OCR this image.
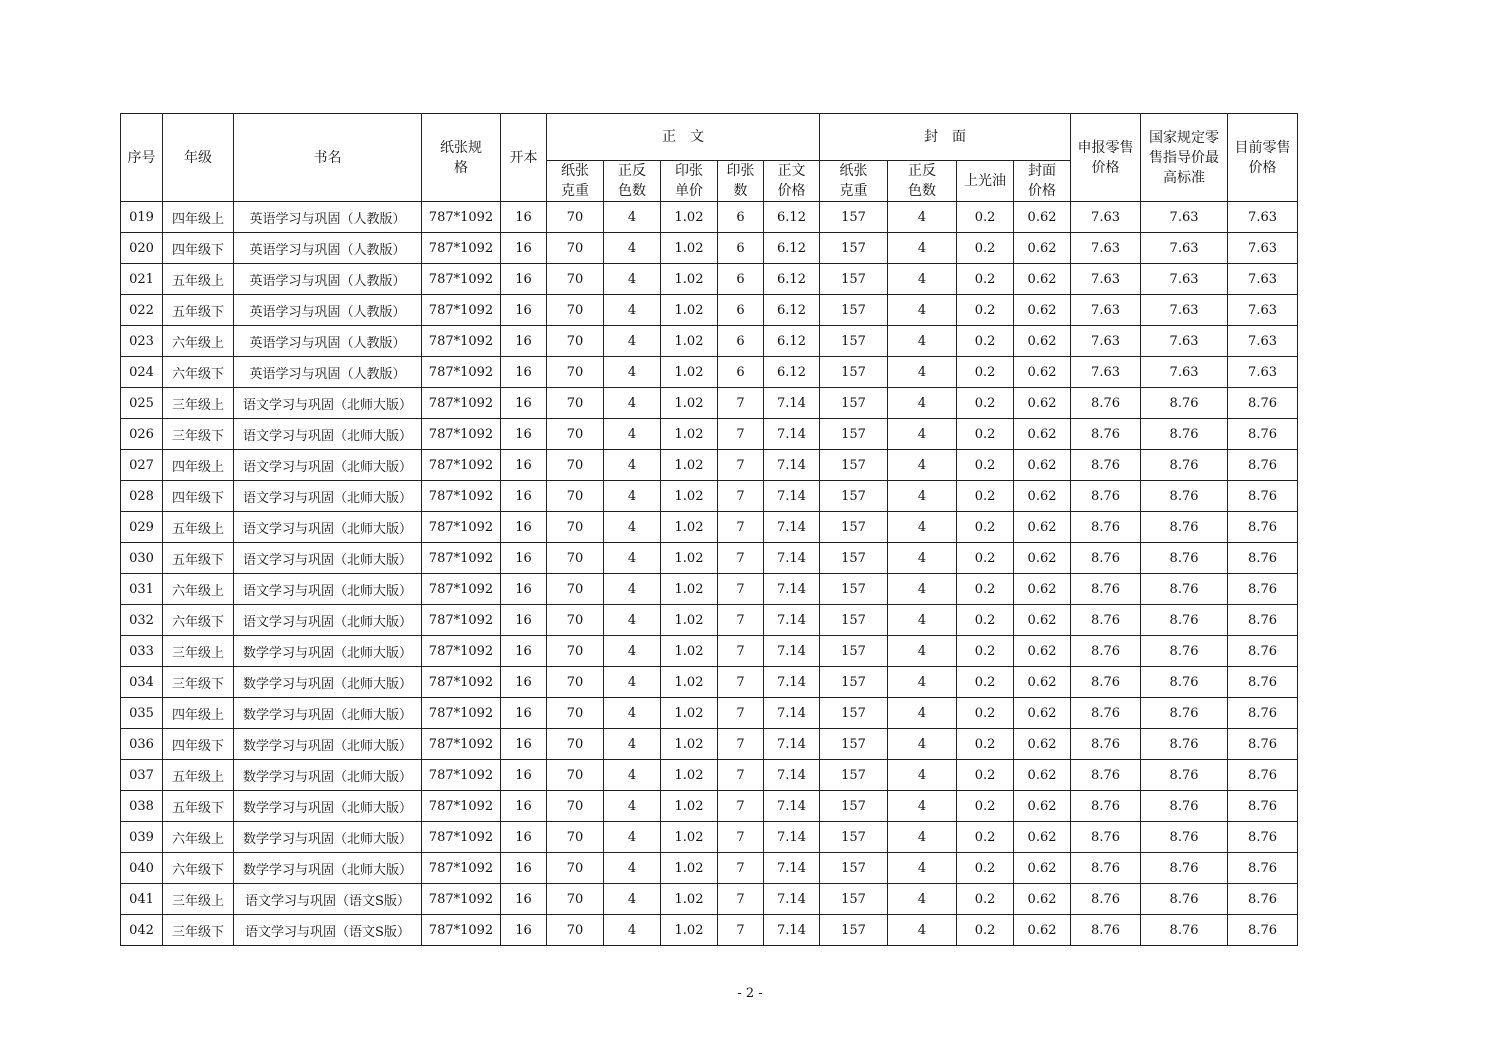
序号	年级	书名	纸张规格	开本	正　文					封　面				申报零售价格	国家规定零售指导价最高标准	目前零售价格
					纸张克重	正反色数	印张单价	印张数	正文价格	纸张克重	正反色数	上光油	封面价格			
019	四年级上	英语学习与巩固（人教版）	787*1092	16	70	4	1.02	6	6.12	157	4	0.2	0.62	7.63	7.63	7.63
020	四年级下	英语学习与巩固（人教版）	787*1092	16	70	4	1.02	6	6.12	157	4	0.2	0.62	7.63	7.63	7.63
021	五年级上	英语学习与巩固（人教版）	787*1092	16	70	4	1.02	6	6.12	157	4	0.2	0.62	7.63	7.63	7.63
022	五年级下	英语学习与巩固（人教版）	787*1092	16	70	4	1.02	6	6.12	157	4	0.2	0.62	7.63	7.63	7.63
023	六年级上	英语学习与巩固（人教版）	787*1092	16	70	4	1.02	6	6.12	157	4	0.2	0.62	7.63	7.63	7.63
024	六年级下	英语学习与巩固（人教版）	787*1092	16	70	4	1.02	6	6.12	157	4	0.2	0.62	7.63	7.63	7.63
025	三年级上	语文学习与巩固（北师大版）	787*1092	16	70	4	1.02	7	7.14	157	4	0.2	0.62	8.76	8.76	8.76
026	三年级下	语文学习与巩固（北师大版）	787*1092	16	70	4	1.02	7	7.14	157	4	0.2	0.62	8.76	8.76	8.76
027	四年级上	语文学习与巩固（北师大版）	787*1092	16	70	4	1.02	7	7.14	157	4	0.2	0.62	8.76	8.76	8.76
028	四年级下	语文学习与巩固（北师大版）	787*1092	16	70	4	1.02	7	7.14	157	4	0.2	0.62	8.76	8.76	8.76
029	五年级上	语文学习与巩固（北师大版）	787*1092	16	70	4	1.02	7	7.14	157	4	0.2	0.62	8.76	8.76	8.76
030	五年级下	语文学习与巩固（北师大版）	787*1092	16	70	4	1.02	7	7.14	157	4	0.2	0.62	8.76	8.76	8.76
031	六年级上	语文学习与巩固（北师大版）	787*1092	16	70	4	1.02	7	7.14	157	4	0.2	0.62	8.76	8.76	8.76
032	六年级下	语文学习与巩固（北师大版）	787*1092	16	70	4	1.02	7	7.14	157	4	0.2	0.62	8.76	8.76	8.76
033	三年级上	数学学习与巩固（北师大版）	787*1092	16	70	4	1.02	7	7.14	157	4	0.2	0.62	8.76	8.76	8.76
034	三年级下	数学学习与巩固（北师大版）	787*1092	16	70	4	1.02	7	7.14	157	4	0.2	0.62	8.76	8.76	8.76
035	四年级上	数学学习与巩固（北师大版）	787*1092	16	70	4	1.02	7	7.14	157	4	0.2	0.62	8.76	8.76	8.76
036	四年级下	数学学习与巩固（北师大版）	787*1092	16	70	4	1.02	7	7.14	157	4	0.2	0.62	8.76	8.76	8.76
037	五年级上	数学学习与巩固（北师大版）	787*1092	16	70	4	1.02	7	7.14	157	4	0.2	0.62	8.76	8.76	8.76
038	五年级下	数学学习与巩固（北师大版）	787*1092	16	70	4	1.02	7	7.14	157	4	0.2	0.62	8.76	8.76	8.76
039	六年级上	数学学习与巩固（北师大版）	787*1092	16	70	4	1.02	7	7.14	157	4	0.2	0.62	8.76	8.76	8.76
040	六年级下	数学学习与巩固（北师大版）	787*1092	16	70	4	1.02	7	7.14	157	4	0.2	0.62	8.76	8.76	8.76
041	三年级上	语文学习与巩固（语文S版）	787*1092	16	70	4	1.02	7	7.14	157	4	0.2	0.62	8.76	8.76	8.76
042	三年级下	语文学习与巩固（语文S版）	787*1092	16	70	4	1.02	7	7.14	157	4	0.2	0.62	8.76	8.76	8.76
- 2 -
